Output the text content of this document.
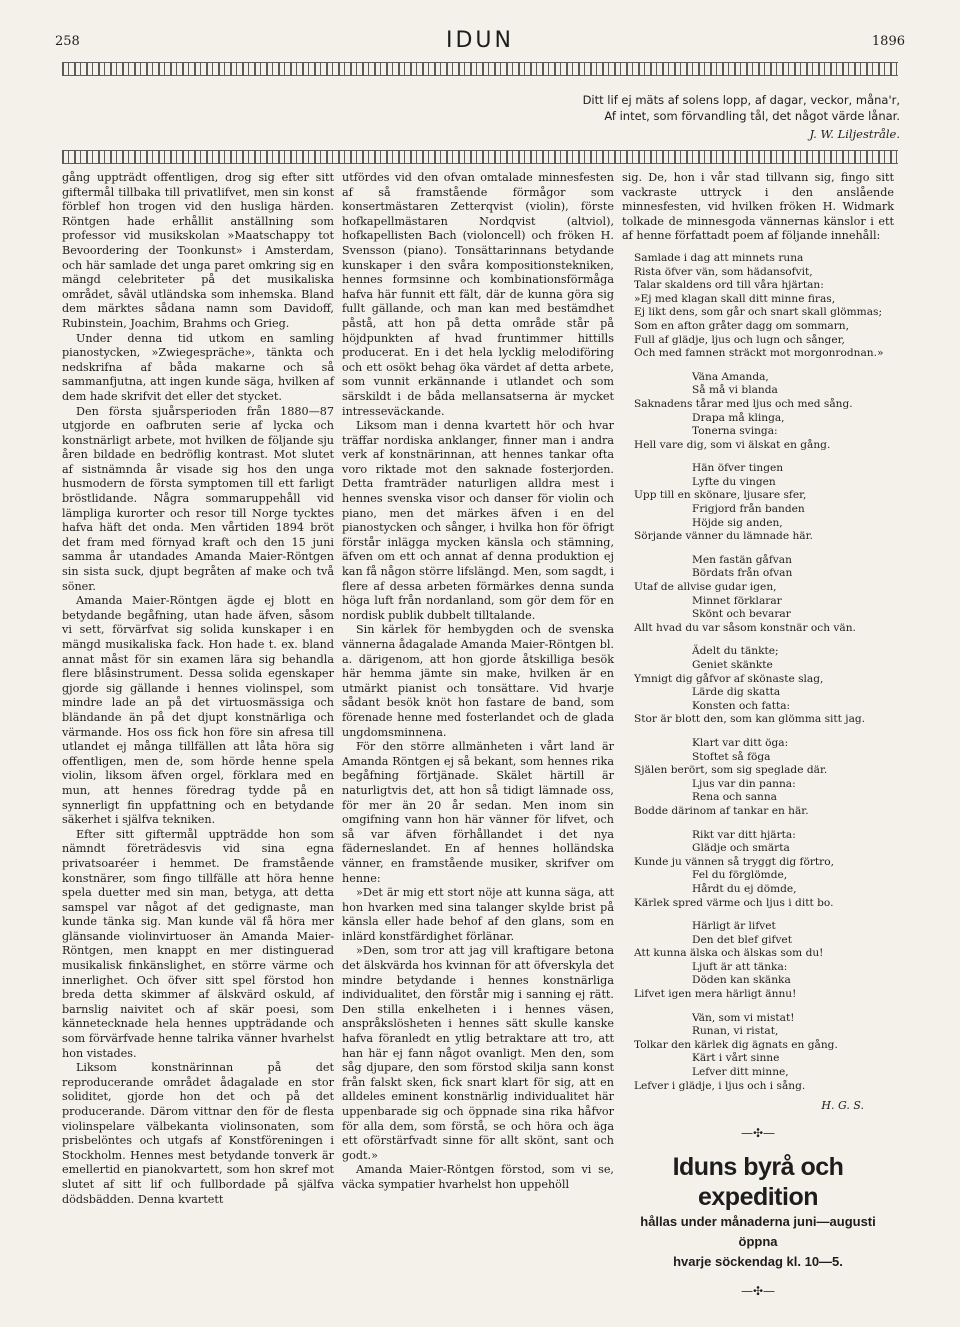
258	IDUN	1896
Ditt lif ej mäts af solens lopp, af dagar, veckor, måna'r,
Af intet, som förvandling tål, det något värde lånar.
J. W. Liljestråle.

gång uppträdt offentligen, drog sig efter sitt giftermål tillbaka till privatlifvet, men sin konst förblef hon trogen vid den husliga härden. Röntgen hade erhållit anställning som professor vid musikskolan »Maatschappy tot Bevoordering der Toonkunst» i Amsterdam, och här samlade det unga paret omkring sig en mängd celebriteter på det musikaliska området, såväl utländska som inhemska. Bland dem märktes sådana namn som Davidoff, Rubinstein, Joachim, Brahms och Grieg.

Under denna tid utkom en samling pianostycken, »Zwiegespräche», tänkta och nedskrifna af båda makarne och så sammanfjutna, att ingen kunde säga, hvilken af dem hade skrifvit det eller det stycket.

Den första sjuårsperioden från 1880—87 utgjorde en oafbruten serie af lycka och konstnärligt arbete, mot hvilken de följande sju åren bildade en bedröflig kontrast. Mot slutet af sistnämnda år visade sig hos den unga husmodern de första symptomen till ett farligt bröstlidande. Några sommaruppehåll vid lämpliga kurorter och resor till Norge tycktes hafva häft det onda. Men vårtiden 1894 bröt det fram med förnyad kraft och den 15 juni samma år utandades Amanda Maier-Röntgen sin sista suck, djupt begråten af make och två söner.

Amanda Maier-Röntgen ägde ej blott en betydande begåfning, utan hade äfven, såsom vi sett, förvärfvat sig solida kunskaper i en mängd musikaliska fack. Hon hade t. ex. bland annat måst för sin examen lära sig behandla flere blåsinstrument. Dessa solida egenskaper gjorde sig gällande i hennes violinspel, som mindre lade an på det virtuosmässiga och bländande än på det djupt konstnärliga och värmande. Hos oss fick hon före sin afresa till utlandet ej många tillfällen att låta höra sig offentligen, men de, som hörde henne spela violin, liksom äfven orgel, förklara med en mun, att hennes föredrag tydde på en synnerligt fin uppfattning och en betydande säkerhet i själfva tekniken.

Efter sitt giftermål uppträdde hon som nämndt företrädesvis vid sina egna privatsoaréer i hemmet. De framstående konstnärer, som fingo tillfälle att höra henne spela duetter med sin man, betyga, att detta samspel var något af det gedignaste, man kunde tänka sig. Man kunde väl få höra mer glänsande violinvirtuoser än Amanda Maier-Röntgen, men knappt en mer distinguerad musikalisk finkänslighet, en större värme och innerlighet. Och öfver sitt spel förstod hon breda detta skimmer af älskvärd oskuld, af barnslig naivitet och af skär poesi, som kännetecknade hela hennes uppträdande och som förvärfvade henne talrika vänner hvarhelst hon vistades.

Liksom konstnärinnan på det reproducerande området ådagalade en stor soliditet, gjorde hon det och på det producerande. Därom vittnar den för de flesta violinspelare välbekanta violinsonaten, som prisbelöntes och utgafs af Konstföreningen i Stockholm. Hennes mest betydande tonverk är emellertid en pianokvartett, som hon skref mot slutet af sitt lif och fullbordade på själfva dödsbädden. Denna kvartett

utfördes vid den ofvan omtalade minnesfesten af så framstående förmågor som konsertmästaren Zetterqvist (violin), förste hofkapellmästaren Nordqvist (altviol), hofkapellisten Bach (violoncell) och fröken H. Svensson (piano). Tonsättarinnans betydande kunskaper i den svåra kompositionstekniken, hennes formsinne och kombinationsförmåga hafva här funnit ett fält, där de kunna göra sig fullt gällande, och man kan med bestämdhet påstå, att hon på detta område står på höjdpunkten af hvad fruntimmer hittills producerat. En i det hela lycklig melodiföring och ett osökt behag öka värdet af detta arbete, som vunnit erkännande i utlandet och som särskildt i de båda mellansatserna är mycket intresseväckande.

Liksom man i denna kvartett hör och hvar träffar nordiska anklanger, finner man i andra verk af konstnärinnan, att hennes tankar ofta voro riktade mot den saknade fosterjorden. Detta framträder naturligen alldra mest i hennes svenska visor och danser för violin och piano, men det märkes äfven i en del pianostycken och sånger, i hvilka hon för öfrigt förstår inlägga mycken känsla och stämning, äfven om ett och annat af denna produktion ej kan få någon större lifslängd. Men, som sagdt, i flere af dessa arbeten förmärkes denna sunda höga luft från nordanland, som gör dem för en nordisk publik dubbelt tilltalande.

Sin kärlek för hembygden och de svenska vännerna ådagalade Amanda Maier-Röntgen bl. a. därigenom, att hon gjorde åtskilliga besök här hemma jämte sin make, hvilken är en utmärkt pianist och tonsättare. Vid hvarje sådant besök knöt hon fastare de band, som förenade henne med fosterlandet och de glada ungdomsminnena.

För den större allmänheten i vårt land är Amanda Röntgen ej så bekant, som hennes rika begåfning förtjänade. Skälet härtill är naturligtvis det, att hon så tidigt lämnade oss, för mer än 20 år sedan. Men inom sin omgifning vann hon här vänner för lifvet, och så var äfven förhållandet i det nya fäderneslandet. En af hennes holländska vänner, en framstående musiker, skrifver om henne:

»Det är mig ett stort nöje att kunna säga, att hon hvarken med sina talanger skylde brist på känsla eller hade behof af den glans, som en inlärd konstfärdighet förlänar.

»Den, som tror att jag vill kraftigare betona det älskvärda hos kvinnan för att öfverskyla det mindre betydande i hennes konstnärliga individualitet, den förstår mig i sanning ej rätt. Den stilla enkelheten i i hennes väsen, anspråkslösheten i hennes sätt skulle kanske hafva föranledt en ytlig betraktare att tro, att han här ej fann något ovanligt. Men den, som såg djupare, den som förstod skilja sann konst från falskt sken, fick snart klart för sig, att en alldeles eminent konstnärlig individualitet här uppenbarade sig och öppnade sina rika håfvor för alla dem, som förstå, se och höra och äga ett oförstärfvadt sinne för allt skönt, sant och godt.»

Amanda Maier-Röntgen förstod, som vi se, väcka sympatier hvarhelst hon uppehöll

sig. De, hon i vår stad tillvann sig, fingo sitt vackraste uttryck i den anslående minnesfesten, vid hvilken fröken H. Widmark tolkade de minnesgoda vännernas känslor i ett af henne författadt poem af följande innehåll:

Samlade i dag att minnets runa
Rista öfver vän, som hädansofvit,
Talar skaldens ord till våra hjärtan:
»Ej med klagan skall ditt minne firas,
Ej likt dens, som går och snart skall glömmas;
Som en afton gråter dagg om sommarn,
Full af glädje, ljus och lugn och sånger,
Och med famnen sträckt mot morgonrodnan.»
Väna Amanda,
Så må vi blanda
Saknadens tårar med ljus och med sång.
Drapa må klinga,
Tonerna svinga:
Hell vare dig, som vi älskat en gång.
Hän öfver tingen
Lyfte du vingen
Upp till en skönare, ljusare sfer,
Frigjord från banden
Höjde sig anden,
Sörjande vänner du lämnade här.
Men fastän gåfvan
Bördats från ofvan
Utaf de allvise gudar igen,
Minnet förklarar
Skönt och bevarar
Allt hvad du var såsom konstnär och vän.
Ädelt du tänkte;
Geniet skänkte
Ymnigt dig gåfvor af skönaste slag,
Lärde dig skatta
Konsten och fatta:
Stor är blott den, som kan glömma sitt jag.
Klart var ditt öga:
Stoftet så föga
Själen berört, som sig speglade där.
Ljus var din panna:
Rena och sanna
Bodde därinom af tankar en här.
Rikt var ditt hjärta:
Glädje och smärta
Kunde ju vännen så tryggt dig förtro,
Fel du förglömde,
Hårdt du ej dömde,
Kärlek spred värme och ljus i ditt bo.
Härligt är lifvet
Den det blef gifvet
Att kunna älska och älskas som du!
Ljuft är att tänka:
Döden kan skänka
Lifvet igen mera härligt ännu!
Vän, som vi mistat!
Runan, vi ristat,
Tolkar den kärlek dig ägnats en gång.
Kärt i vårt sinne
Lefver ditt minne,
Lefver i glädje, i ljus och i sång.
H. G. S.
—✣—
Iduns byrå och expedition
hållas under månaderna juni—augusti öppna
hvarje söckendag kl. 10—5.
—✣—
